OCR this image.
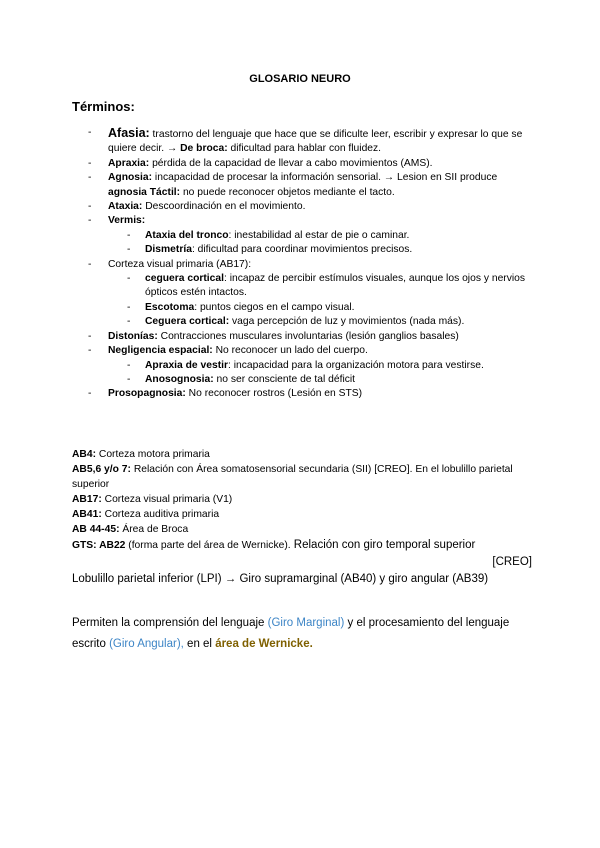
GLOSARIO NEURO
Términos:
- Afasia: trastorno del lenguaje que hace que se dificulte leer, escribir y expresar lo que se quiere decir. → De broca: dificultad para hablar con fluidez.
- Apraxia: pérdida de la capacidad de llevar a cabo movimientos (AMS).
- Agnosia: incapacidad de procesar la información sensorial. → Lesion en SII produce agnosia Táctil: no puede reconocer objetos mediante el tacto.
- Ataxia: Descoordinación en el movimiento.
- Vermis:
- Ataxia del tronco: inestabilidad al estar de pie o caminar.
- Dismetría: dificultad para coordinar movimientos precisos.
- Corteza visual primaria (AB17):
- ceguera cortical: incapaz de percibir estímulos visuales, aunque los ojos y nervios ópticos estén intactos.
- Escotoma: puntos ciegos en el campo visual.
- Ceguera cortical: vaga percepción de luz y movimientos (nada más).
- Distonías: Contracciones musculares involuntarias (lesión ganglios basales)
- Negligencia espacial: No reconocer un lado del cuerpo.
- Apraxia de vestir: incapacidad para la organización motora para vestirse.
- Anosognosia: no ser consciente de tal déficit
- Prosopagnosia: No reconocer rostros (Lesión en STS)
AB4: Corteza motora primaria
AB5,6 y/o 7: Relación con Área somatosensorial secundaria (SII) [CREO]. En el lobulillo parietal superior
AB17: Corteza visual primaria (V1)
AB41: Corteza auditiva primaria
AB 44-45: Área de Broca
GTS: AB22 (forma parte del área de Wernicke). Relación con giro temporal superior
[CREO]
Lobulillo parietal inferior (LPI) → Giro supramarginal (AB40) y giro angular (AB39)
Permiten la comprensión del lenguaje (Giro Marginal) y el procesamiento del lenguaje escrito (Giro Angular), en el área de Wernicke.
